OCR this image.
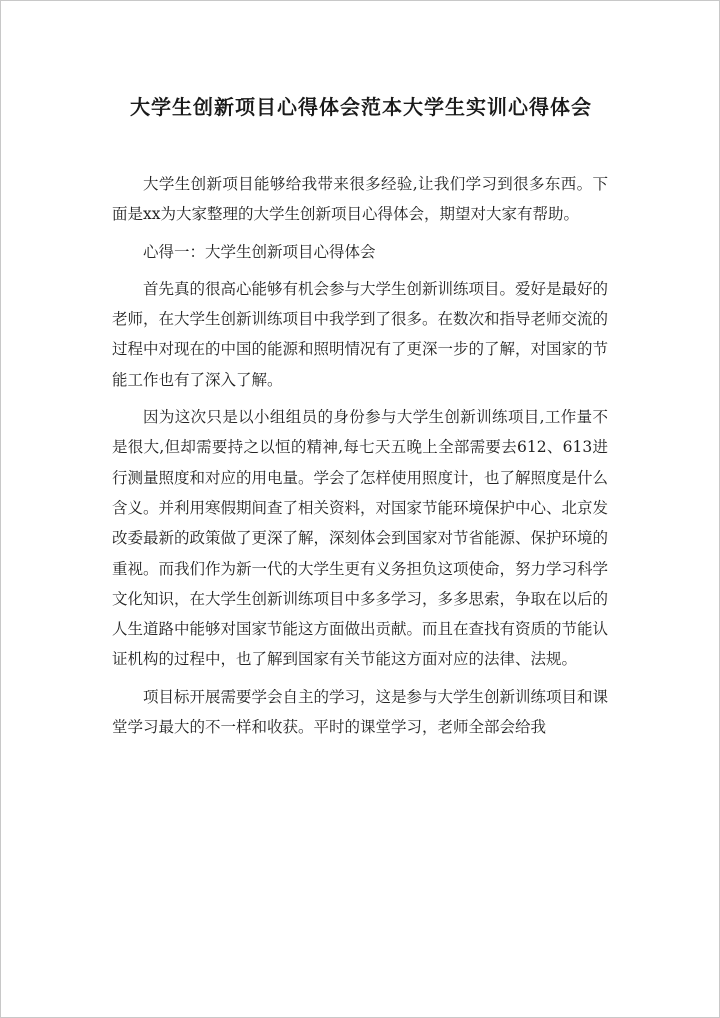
大学生创新项目心得体会范本大学生实训心得体会

大学生创新项目能够给我带来很多经验,让我们学习到很多东西。下面是xx为大家整理的大学生创新项目心得体会，期望对大家有帮助。

心得一：大学生创新项目心得体会

首先真的很高心能够有机会参与大学生创新训练项目。爱好是最好的老师，在大学生创新训练项目中我学到了很多。在数次和指导老师交流的过程中对现在的中国的能源和照明情况有了更深一步的了解，对国家的节能工作也有了深入了解。

因为这次只是以小组组员的身份参与大学生创新训练项目,工作量不是很大,但却需要持之以恒的精神,每七天五晚上全部需要去612、613进行测量照度和对应的用电量。学会了怎样使用照度计，也了解照度是什么含义。并利用寒假期间查了相关资料，对国家节能环境保护中心、北京发改委最新的政策做了更深了解，深刻体会到国家对节省能源、保护环境的重视。而我们作为新一代的大学生更有义务担负这项使命，努力学习科学文化知识，在大学生创新训练项目中多多学习，多多思索，争取在以后的人生道路中能够对国家节能这方面做出贡献。而且在查找有资质的节能认证机构的过程中，也了解到国家有关节能这方面对应的法律、法规。

项目标开展需要学会自主的学习，这是参与大学生创新训练项目和课堂学习最大的不一样和收获。平时的课堂学习，老师全部会给我
